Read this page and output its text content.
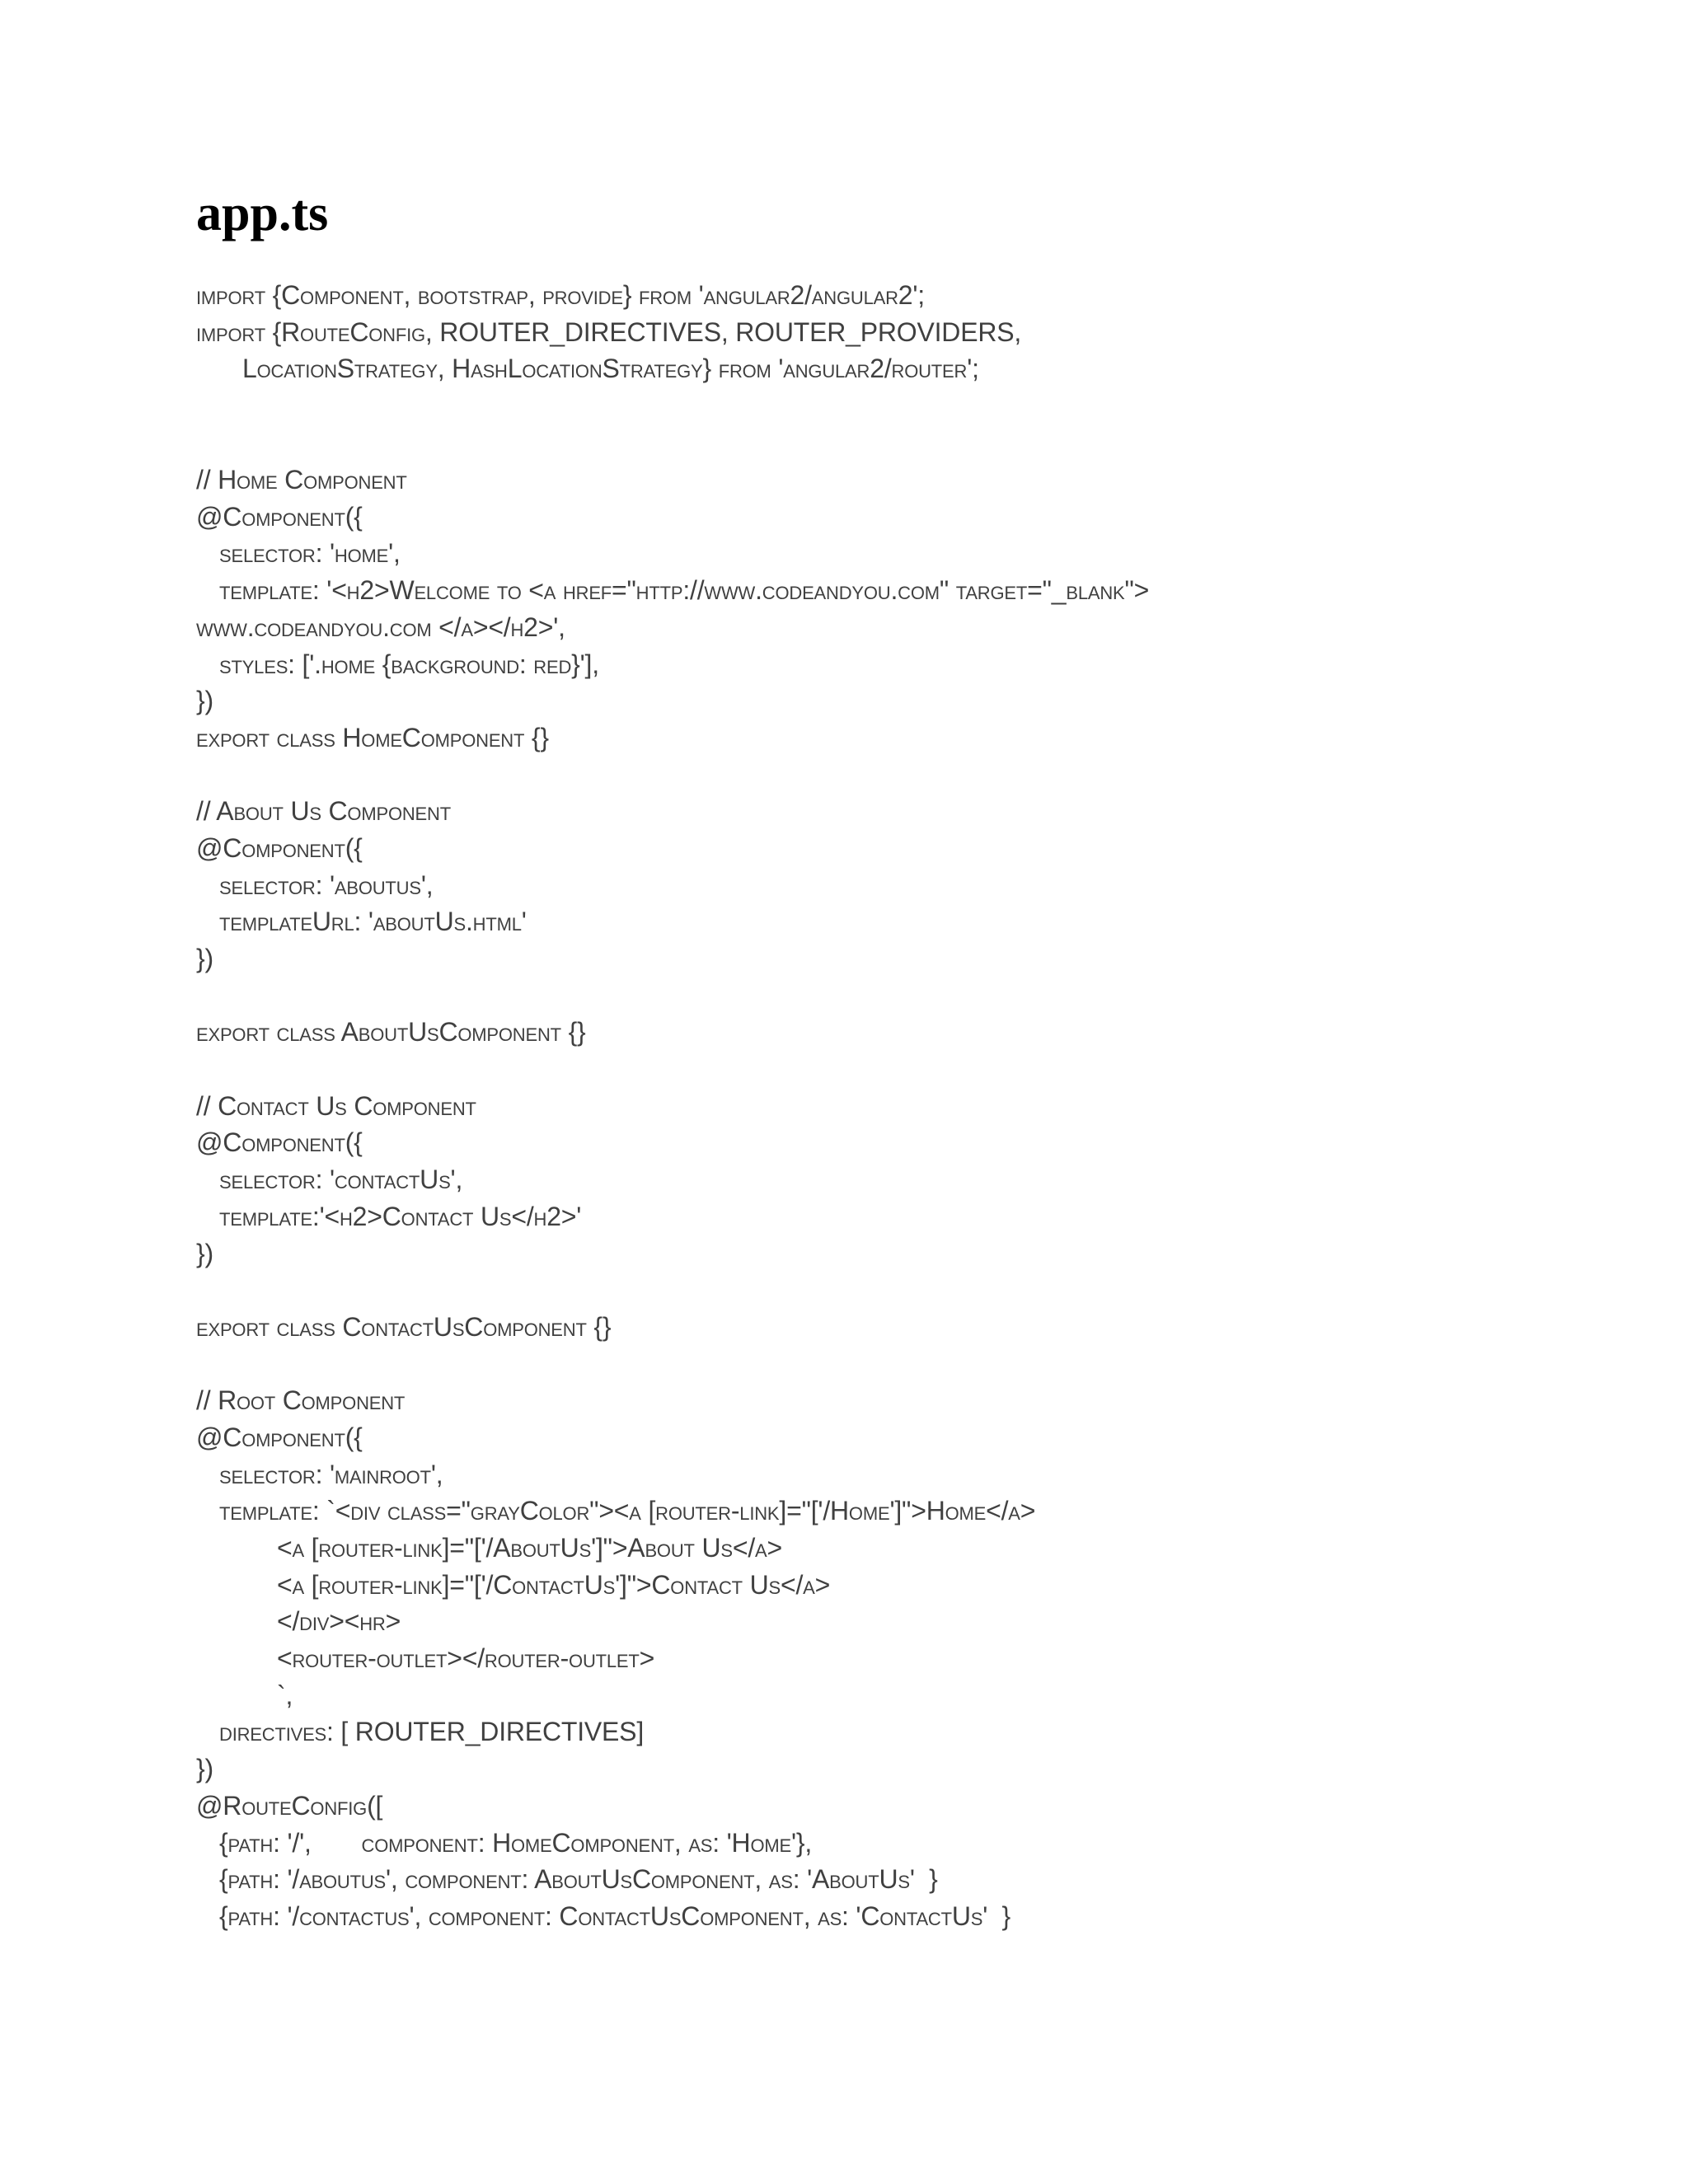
app.ts
import {Component, bootstrap, provide} from 'angular2/angular2';
import {RouteConfig, ROUTER_DIRECTIVES, ROUTER_PROVIDERS,
LocationStrategy, HashLocationStrategy} from 'angular2/router';
// Home Component
@Component({
selector: 'home',
template: '<h2>Welcome to <a href="http://www.codeandyou.com" target="_blank">
www.codeandyou.com </a></h2>',
styles: ['.home {background: red}'],
})
export class HomeComponent {}
// About Us Component
@Component({
selector: 'aboutus',
templateUrl: 'aboutUs.html'
})
export class AboutUsComponent {}
// Contact Us Component
@Component({
selector: 'contactUs',
template:'<h2>Contact Us</h2>'
})
export class ContactUsComponent {}
// Root Component
@Component({
selector: 'mainroot',
template: `<div class="grayColor"><a [router-link]="['/Home']">Home</a>
<a [router-link]="['/AboutUs']">About Us</a>
<a [router-link]="['/ContactUs']">Contact Us</a>
</div><hr>
<router-outlet></router-outlet>
`,
directives: [ ROUTER_DIRECTIVES]
})
@RouteConfig([
{path: '/',       component: HomeComponent, as: 'Home'},
{path: '/aboutus', component: AboutUsComponent, as: 'AboutUs'  }
{path: '/contactus', component: ContactUsComponent, as: 'ContactUs'  }
